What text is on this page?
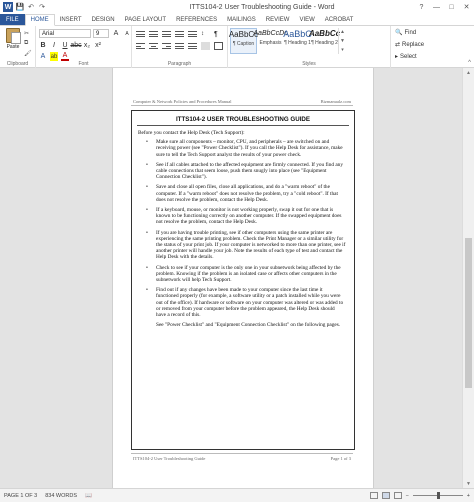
W 💾 ↶ ↷	ITTS104-2 User Troubleshooting Guide - Word	?	—	□	✕
FILE	HOME	INSERT	DESIGN	PAGE LAYOUT	REFERENCES	MAILINGS	REVIEW	VIEW	ACROBAT
Paste
✂
⧉
🖌
Clipboard
Arial	9	A	A
B	I	U abc x₂ x²
A ab A
Font
↕	¶
Paragraph
AaBbCc
¶ Caption
AaBbCcDc
Emphasis
AaBbC
¶ Heading 1
AaBbCc
¶ Heading 2
▲
▼
▾
Styles
🔍 Find
⇄ Replace
▸ Select
^
Computer & Network Policies and Procedures Manual	Bizmanualz.com
ITTS104-2 USER TROUBLESHOOTING GUIDE

Before you contact the Help Desk (Tech Support):

• Make sure all components – monitor, CPU, and peripherals – are switched on and receiving power (see "Power Checklist"). If you call the Help Desk for assistance, make sure to tell the Tech Support analyst the results of your power check.
• See if all cables attached to the affected equipment are firmly connected. If you find any cable connections that seem loose, push them snugly into place (see "Equipment Connection Checklist").
• Save and close all open files, close all applications, and do a "warm reboot" of the computer. If a "warm reboot" does not resolve the problem, try a "cold reboot". If that does not resolve the problem, contact the Help Desk.
• If a keyboard, mouse, or monitor is not working properly, swap it out for one that is known to be functioning correctly on another computer. If the swapped equipment does not resolve the problem, contact the Help Desk.
• If you are having trouble printing, see if other computers using the same printer are experiencing the same printing problem. Check the Print Manager or a similar utility for the status of your print job. If your computer is networked to more than one printer, see if another printer will handle your job. Note the results of each type of test and contact the Help Desk with the details.
• Check to see if your computer is the only one in your subnetwork being affected by the problem. Knowing if the problem is an isolated case or affects other computers in the subnetwork will help Tech Support.
• Find out if any changes have been made to your computer since the last time it functioned properly (for example, a software utility or a patch installed while you were out of the office). If hardware or software on your computer was altered or was added to or removed from your computer before the problem appeared, the Help Desk should have a record of this.

See "Power Checklist" and "Equipment Connection Checklist" on the following pages.

ITTS104-2 User Troubleshooting Guide	Page 1 of 3
▲
▼
PAGE 1 OF 3	834 WORDS	📖	−	+
